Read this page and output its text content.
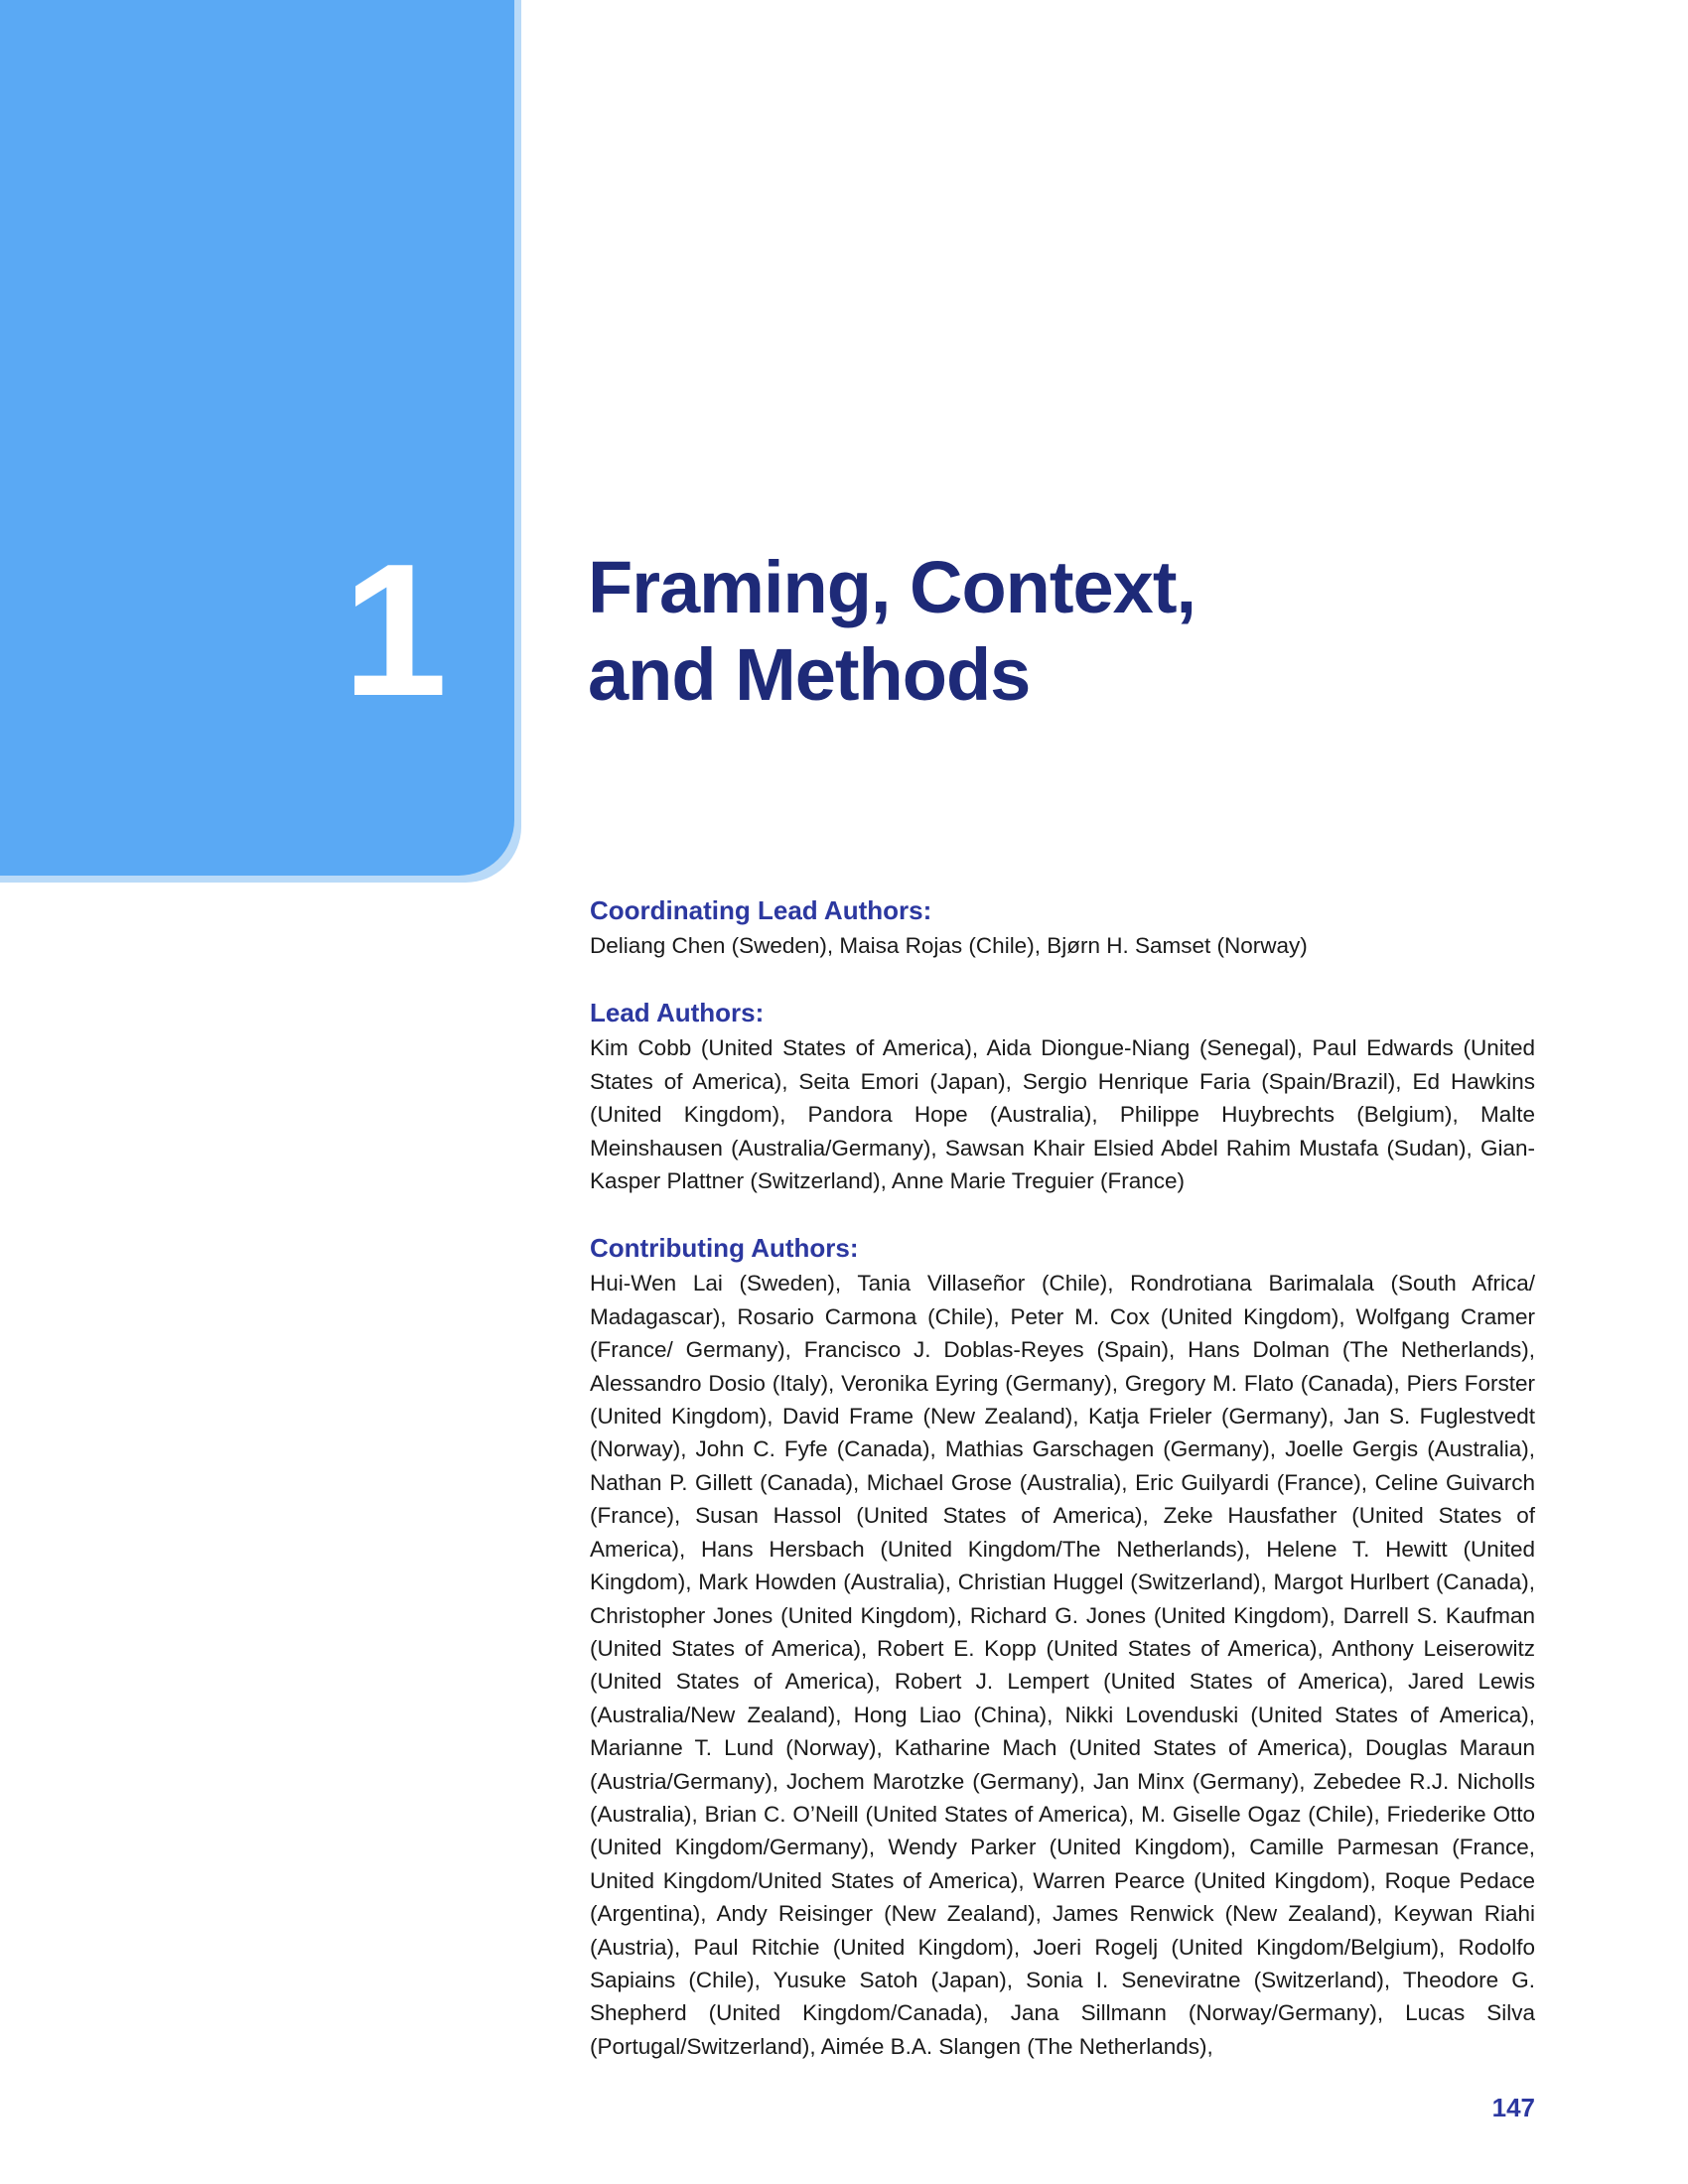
1 Framing, Context,
and Methods
Coordinating Lead Authors:

Deliang Chen (Sweden), Maisa Rojas (Chile), Bjørn H. Samset (Norway)

Lead Authors:

Kim Cobb (United States of America), Aida Diongue-Niang (Senegal), Paul Edwards (United States of America), Seita Emori (Japan), Sergio Henrique Faria (Spain/Brazil), Ed Hawkins (United Kingdom), Pandora Hope (Australia), Philippe Huybrechts (Belgium), Malte Meinshausen (Australia/Germany), Sawsan Khair Elsied Abdel Rahim Mustafa (Sudan), Gian-Kasper Plattner (Switzerland), Anne Marie Treguier (France)

Contributing Authors:

Hui-Wen Lai (Sweden), Tania Villaseñor (Chile), Rondrotiana Barimalala (South Africa/ Madagascar), Rosario Carmona (Chile), Peter M. Cox (United Kingdom), Wolfgang Cramer (France/ Germany), Francisco J. Doblas-Reyes (Spain), Hans Dolman (The Netherlands), Alessandro Dosio (Italy), Veronika Eyring (Germany), Gregory M. Flato (Canada), Piers Forster (United Kingdom), David Frame (New Zealand), Katja Frieler (Germany), Jan S. Fuglestvedt (Norway), John C. Fyfe (Canada), Mathias Garschagen (Germany), Joelle Gergis (Australia), Nathan P. Gillett (Canada), Michael Grose (Australia), Eric Guilyardi (France), Celine Guivarch (France), Susan Hassol (United States of America), Zeke Hausfather (United States of America), Hans Hersbach (United Kingdom/The Netherlands), Helene T. Hewitt (United Kingdom), Mark Howden (Australia), Christian Huggel (Switzerland), Margot Hurlbert (Canada), Christopher Jones (United Kingdom), Richard G. Jones (United Kingdom), Darrell S. Kaufman (United States of America), Robert E. Kopp (United States of America), Anthony Leiserowitz (United States of America), Robert J. Lempert (United States of America), Jared Lewis (Australia/New Zealand), Hong Liao (China), Nikki Lovenduski (United States of America), Marianne T. Lund (Norway), Katharine Mach (United States of America), Douglas Maraun (Austria/Germany), Jochem Marotzke (Germany), Jan Minx (Germany), Zebedee R.J. Nicholls (Australia), Brian C. O’Neill (United States of America), M. Giselle Ogaz (Chile), Friederike Otto (United Kingdom/Germany), Wendy Parker (United Kingdom), Camille Parmesan (France, United Kingdom/United States of America), Warren Pearce (United Kingdom), Roque Pedace (Argentina), Andy Reisinger (New Zealand), James Renwick (New Zealand), Keywan Riahi (Austria), Paul Ritchie (United Kingdom), Joeri Rogelj (United Kingdom/Belgium), Rodolfo Sapiains (Chile), Yusuke Satoh (Japan), Sonia I. Seneviratne (Switzerland), Theodore G. Shepherd (United Kingdom/Canada), Jana Sillmann (Norway/Germany), Lucas Silva (Portugal/Switzerland), Aimée B.A. Slangen (The Netherlands),

147
